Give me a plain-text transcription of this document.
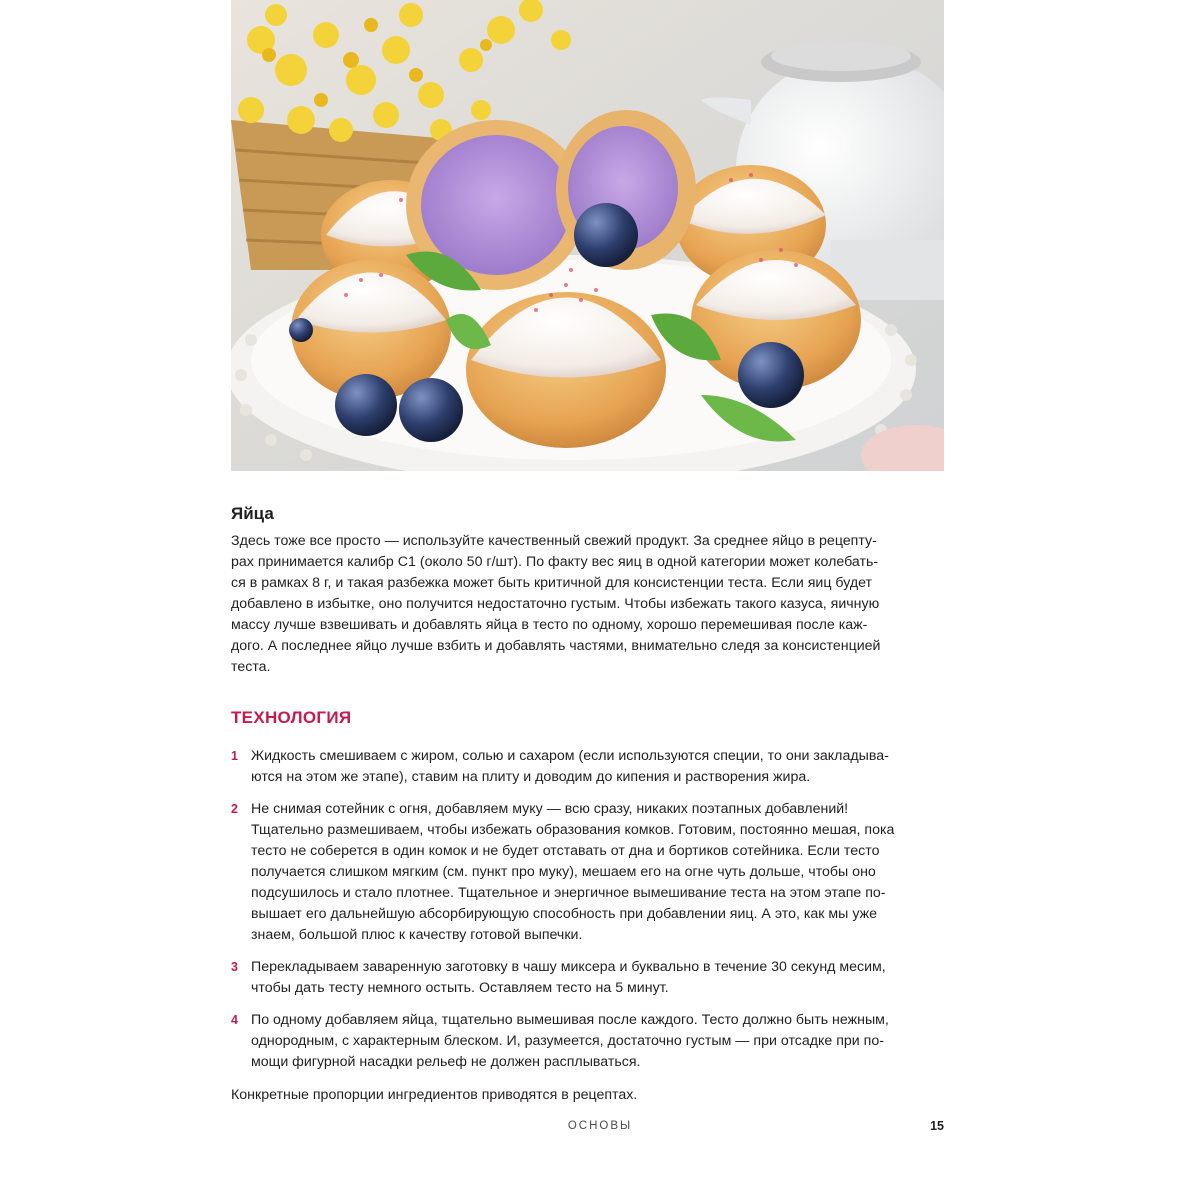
Яйца

Здесь тоже все просто — используйте качественный свежий продукт. За среднее яйцо в рецепту-
рах принимается калибр С1 (около 50 г/шт). По факту вес яиц в одной категории может колебать-
ся в рамках 8 г, и такая разбежка может быть критичной для консистенции теста. Если яиц будет
добавлено в избытке, оно получится недостаточно густым. Чтобы избежать такого казуса, яичную
массу лучше взвешивать и добавлять яйца в тесто по одному, хорошо перемешивая после каж-
дого. А последнее яйцо лучше взбить и добавлять частями, внимательно следя за консистенцией
теста.

ТЕХНОЛОГИЯ
1 Жидкость смешиваем с жиром, солью и сахаром (если используются специи, то они закладыва-
ются на этом же этапе), ставим на плиту и доводим до кипения и растворения жира.

2 Не снимая сотейник с огня, добавляем муку — всю сразу, никаких поэтапных добавлений!
Тщательно размешиваем, чтобы избежать образования комков. Готовим, постоянно мешая, пока
тесто не соберется в один комок и не будет отставать от дна и бортиков сотейника. Если тесто
получается слишком мягким (см. пункт про муку), мешаем его на огне чуть дольше, чтобы оно
подсушилось и стало плотнее. Тщательное и энергичное вымешивание теста на этом этапе по-
вышает его дальнейшую абсорбирующую способность при добавлении яиц. А это, как мы уже
знаем, большой плюс к качеству готовой выпечки.

3 Перекладываем заваренную заготовку в чашу миксера и буквально в течение 30 секунд месим,
чтобы дать тесту немного остыть. Оставляем тесто на 5 минут.

4 По одному добавляем яйца, тщательно вымешивая после каждого. Тесто должно быть нежным,
однородным, с характерным блеском. И, разумеется, достаточно густым — при отсадке при по-
мощи фигурной насадки рельеф не должен расплываться.

Конкретные пропорции ингредиентов приводятся в рецептах.

ОСНОВЫ	15
